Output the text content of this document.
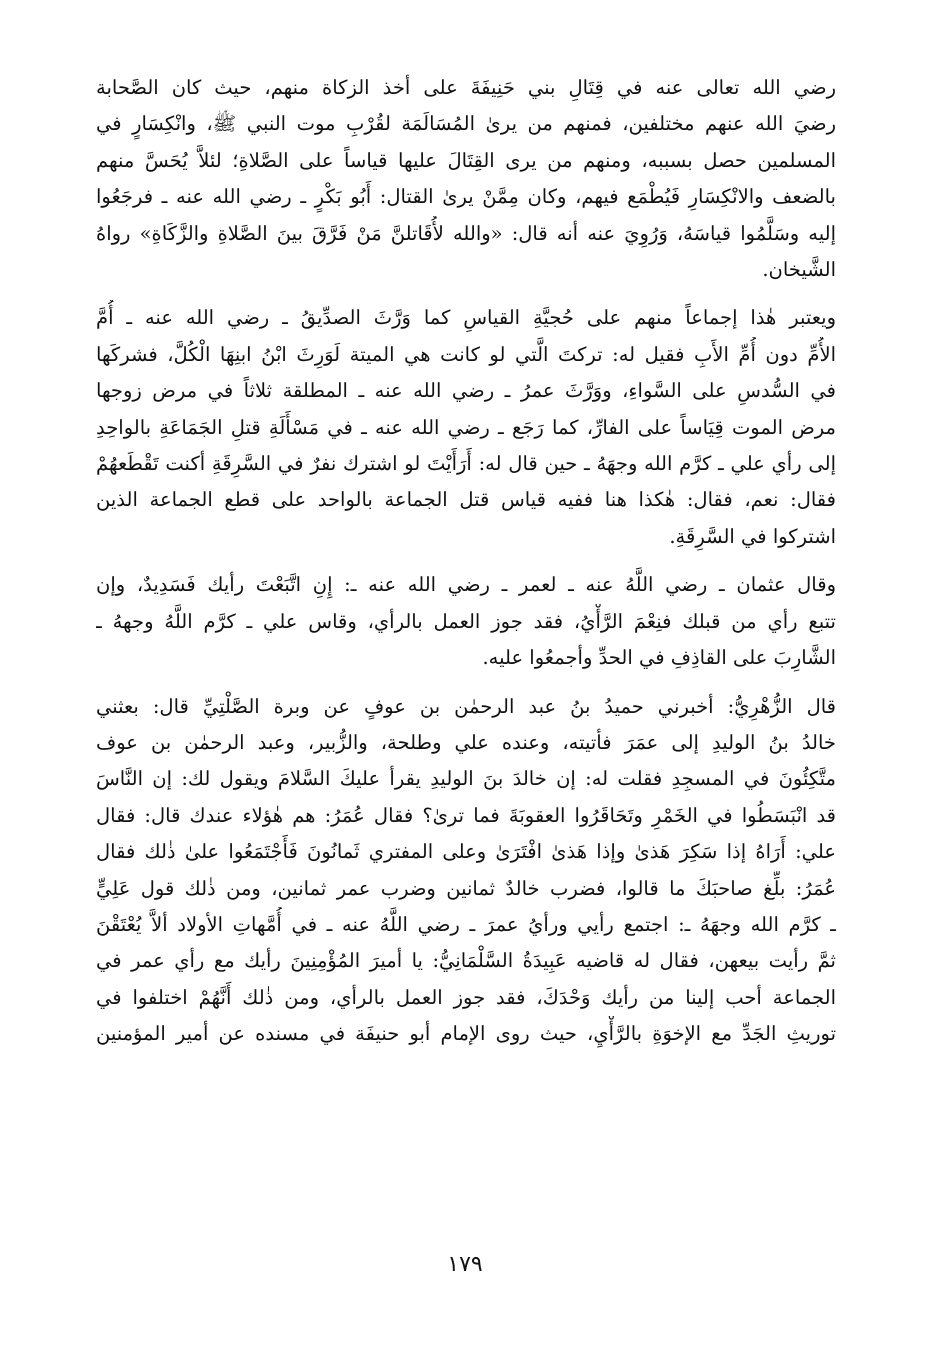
رضي الله تعالى عنه في قِتَالِ بني حَنِيفَةَ على أخذ الزكاة منهم، حيث كان الصَّحابة
رضيَ الله عنهم مختلفين، فمنهم من يرىٰ المُسَالَمَة لقُرْبِ موت النبي ﷺ، وانْكِسَارٍ في
المسلمين حصل بسببه، ومنهم من يرى القِتَالَ عليها قياساً على الصَّلاةِ؛ لئلاَّ يُحَسَّ منهم
بالضعف والانْكِسَارِ فَيُطْمَع فيهم، وكان مِمَّنْ يرىٰ القتال: أَبُو بَكْرٍ ـ رضي الله عنه ـ فرجَعُوا
إليه وسَلَّمُوا قياسَهُ، وَرُوِيَ عنه أنه قال: «والله لأُقَاتلنَّ مَنْ فَرَّقَ بينَ الصَّلاةِ والزَّكَاةِ» رواهُ
الشَّيخان.

ويعتبر هٰذا إجماعاً منهم على حُجيَّةِ القياسِ كما وَرَّثَ الصدِّيقُ ـ رضي الله عنه ـ أُمَّ
الأُمِّ دون أُمِّ الأَبِ فقيل له: تركتَ الَّتي لو كانت هي الميتة لَوَرِثَ ابْنُ ابنِهَا الْكُلَّ، فشركَها
في السُّدسِ على السَّواءِ، ووَرَّثَ عمرُ ـ رضي الله عنه ـ المطلقة ثلاثاً في مرض زوجها
مرض الموت قِيَاساً على الفارِّ، كما رَجَع ـ رضي الله عنه ـ في مَسْأَلَةِ قتلِ الجَمَاعَةِ بالواحِدِ
إلى رأي علي ـ كرَّم الله وجهَهُ ـ حين قال له: أَرَأَيْتَ لو اشترك نفرٌ في السَّرِقَةِ أكنت تَقْطَعهُمْ
فقال: نعم، فقال: هٰكذا هنا ففيه قياس قتل الجماعة بالواحد على قطع الجماعة الذين
اشتركوا في السَّرِقَةِ.

وقال عثمان ـ رضي اللَّهُ عنه ـ لعمر ـ رضي الله عنه ـ: إِنِ اتَّبَعْتَ رأيك فَسَدِيدٌ، وإن
تتبع رأي من قبلك فنِعْمَ الرَّأْيُ، فقد جوز العمل بالرأي، وقاس علي ـ كرَّم اللَّهُ وجههُ ـ
الشَّارِبَ على القاذِفِ في الحدِّ وأجمعُوا عليه.

قال الزُّهْرِيُّ: أخبرني حميدُ بنُ عبد الرحمٰن بن عوفٍ عن وبرة الصَّلْتِيِّ قال: بعثني
خالدُ بنُ الوليدِ إلى عمَرَ فأتيته، وعنده علي وطلحة، والزُّبير، وعبد الرحمٰن بن عوف
متَّكِئُونَ في المسجِدِ فقلت له: إن خالدَ بنَ الوليدِ يقرأ عليكَ السَّلامَ ويقول لك: إن النَّاسَ
قد انْبَسَطُوا في الخَمْرِ وتَحَاقَرُوا العقوبَةَ فما ترىٰ؟ فقال عُمَرُ: هم هٰؤلاء عندك قال: فقال
علي: أَرَاهُ إذا سَكِرَ هَذىٰ وإذا هَذىٰ افْتَرَىٰ وعلى المفتري ثَمانُونَ فَأَجْتَمَعُوا علىٰ ذٰلك فقال
عُمَرُ: بلِّغ صاحبَكَ ما قالوا، فضرب خالدٌ ثمانين وضرب عمر ثمانين، ومن ذٰلك قول عَلِيٍّ
ـ كرَّم الله وجهَهُ ـ: اجتمع رأيي ورأيُ عمرَ ـ رضي اللَّهُ عنه ـ في أُمَّهاتِ الأولاد ألاَّ يُعْتَقْنَ
ثمَّ رأيت بيعهن، فقال له قاضيه عَبِيدَةُ السَّلْمَانِيُّ: يا أميرَ المُؤْمِنِينَ رأيك مع رأي عمر في
الجماعة أحب إلينا من رأيك وَحْدَكَ، فقد جوز العمل بالرأي، ومن ذٰلك أَنَّهُمْ اختلفوا في
توريثِ الجَدِّ مع الإخوَةِ بالرَّأْيِ، حيث روى الإمام أبو حنيفَة في مسنده عن أمير المؤمنين

١٧٩
